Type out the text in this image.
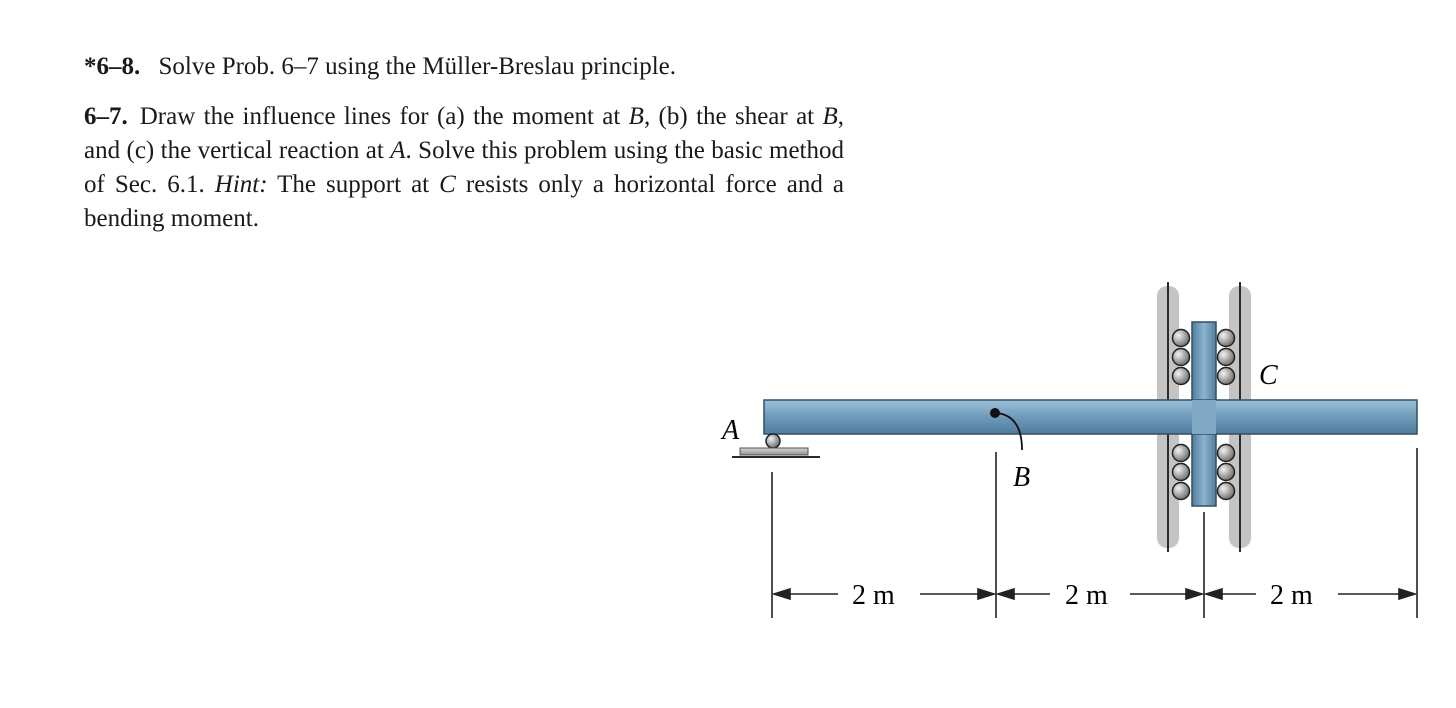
*6–8. Solve Prob. 6–7 using the Müller-Breslau principle.
6–7. Draw the influence lines for (a) the moment at B, (b) the shear at B, and (c) the vertical reaction at A. Solve this problem using the basic method of Sec. 6.1. Hint: The support at C resists only a horizontal force and a bending moment.
A
B
C
2 m	2 m	2 m
